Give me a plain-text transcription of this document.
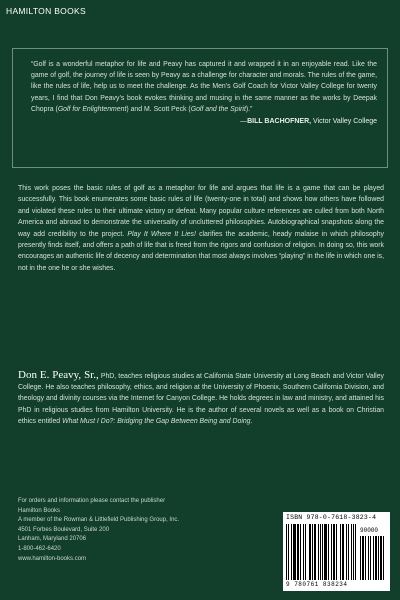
HAMILTON BOOKS
“Golf is a wonderful metaphor for life and Peavy has captured it and wrapped it in an enjoyable read. Like the game of golf, the journey of life is seen by Peavy as a challenge for character and morals. The rules of the game, like the rules of life, help us to meet the challenge. As the Men’s Golf Coach for Victor Valley College for twenty years, I find that Don Peavy’s book evokes thinking and musing in the same manner as the works by Deepak Chopra (Golf for Enlightenment) and M. Scott Peck (Golf and the Spirit).”
—BILL BACHOFNER, Victor Valley College

This work poses the basic rules of golf as a metaphor for life and argues that life is a game that can be played successfully. This book enumerates some basic rules of life (twenty-one in total) and shows how others have followed and violated these rules to their ultimate victory or defeat. Many popular culture references are culled from both North America and abroad to demonstrate the universality of uncluttered philosophies. Autobiographical snapshots along the way add credibility to the project. Play It Where It Lies! clarifies the academic, heady malaise in which philosophy presently finds itself, and offers a path of life that is freed from the rigors and confusion of religion. In doing so, this work encourages an authentic life of decency and determination that most always involves “playing” in the life in which one is, not in the one he or she wishes.

Don E. Peavy, Sr., PhD, teaches religious studies at California State University at Long Beach and Victor Valley College. He also teaches philosophy, ethics, and religion at the University of Phoenix, Southern California Division, and theology and divinity courses via the Internet for Canyon College. He holds degrees in law and ministry, and attained his PhD in religious studies from Hamilton University. He is the author of several novels as well as a book on Christian ethics entitled What Must I Do?: Bridging the Gap Between Being and Doing.

For orders and information please contact the publisher
Hamilton Books
A member of the Rowman & Littlefield Publishing Group, Inc.
4501 Forbes Boulevard, Suite 200
Lanham, Maryland 20706
1-800-462-6420
www.hamilton-books.com
ISBN 978-0-7618-3823-4
90000
9 780761 838234
